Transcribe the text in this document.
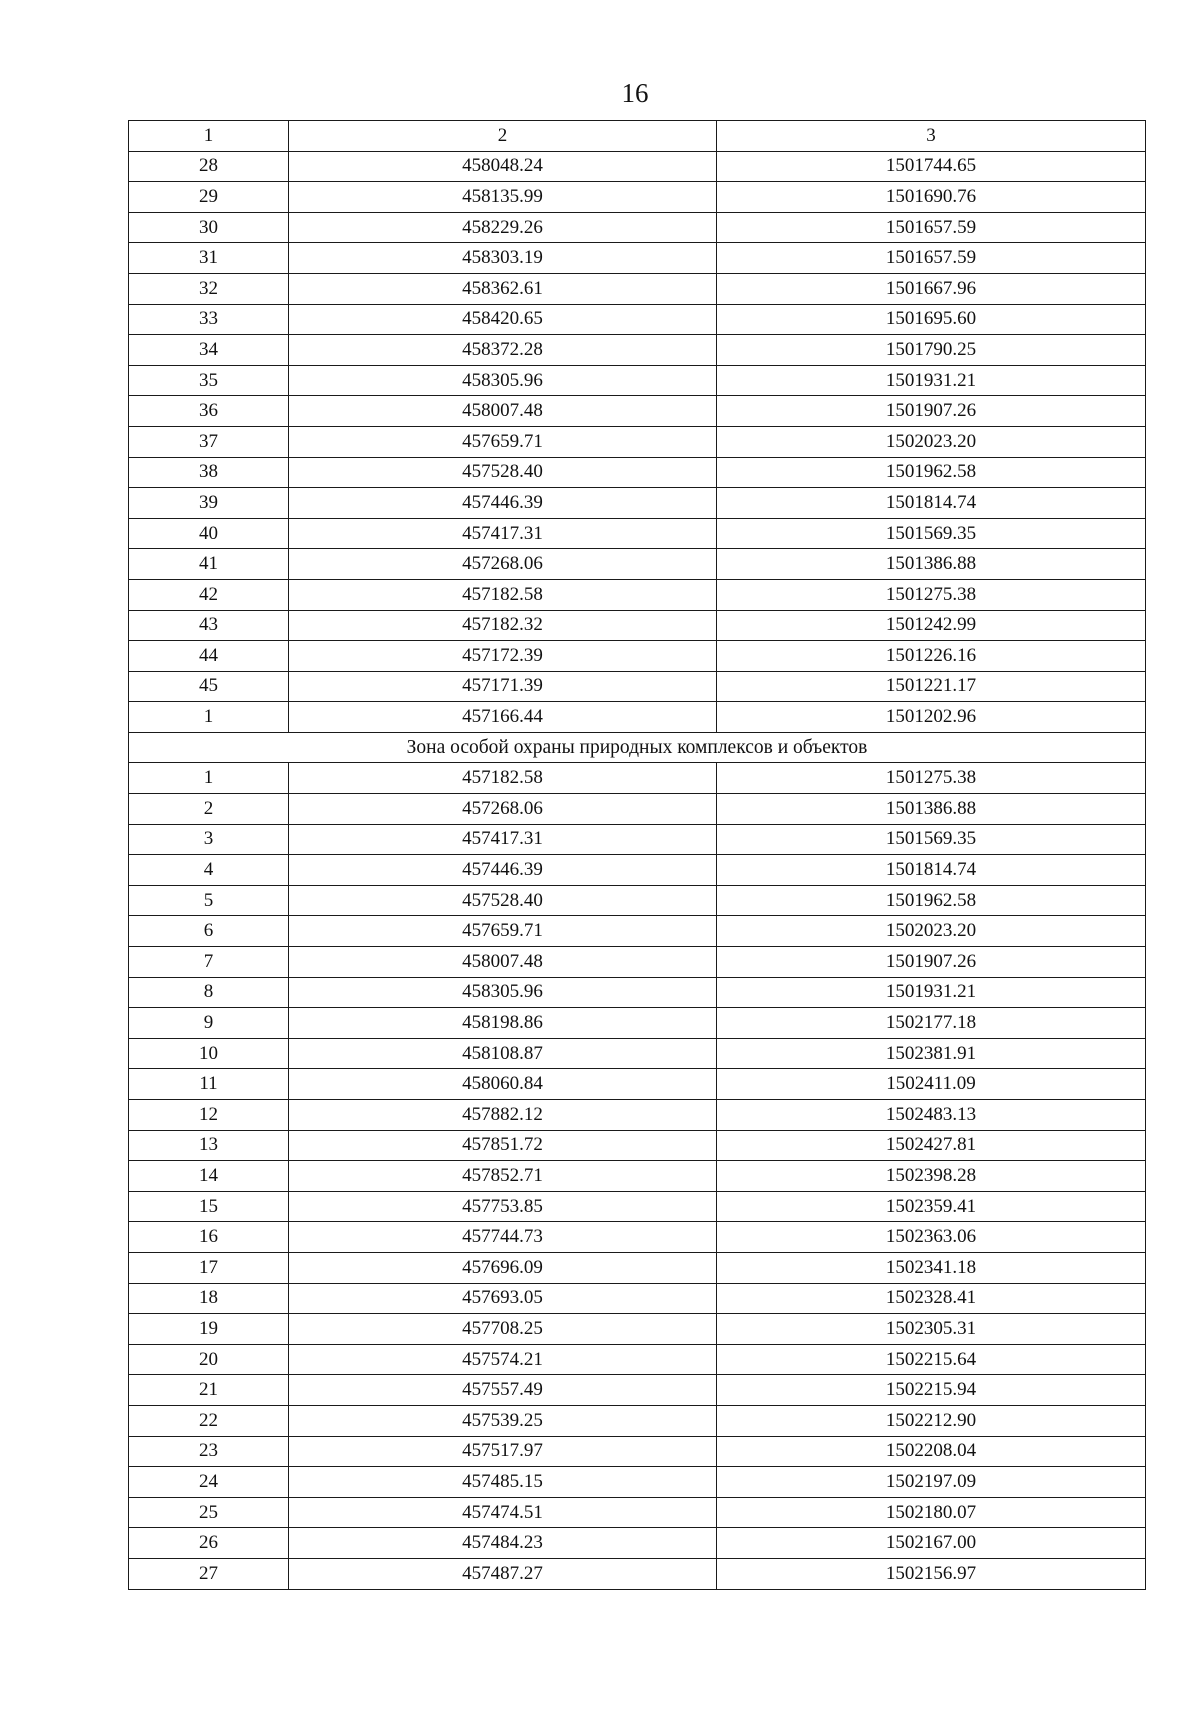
16
1	2	3
28	458048.24	1501744.65
29	458135.99	1501690.76
30	458229.26	1501657.59
31	458303.19	1501657.59
32	458362.61	1501667.96
33	458420.65	1501695.60
34	458372.28	1501790.25
35	458305.96	1501931.21
36	458007.48	1501907.26
37	457659.71	1502023.20
38	457528.40	1501962.58
39	457446.39	1501814.74
40	457417.31	1501569.35
41	457268.06	1501386.88
42	457182.58	1501275.38
43	457182.32	1501242.99
44	457172.39	1501226.16
45	457171.39	1501221.17
1	457166.44	1501202.96
Зона особой охраны природных комплексов и объектов		
1	457182.58	1501275.38
2	457268.06	1501386.88
3	457417.31	1501569.35
4	457446.39	1501814.74
5	457528.40	1501962.58
6	457659.71	1502023.20
7	458007.48	1501907.26
8	458305.96	1501931.21
9	458198.86	1502177.18
10	458108.87	1502381.91
11	458060.84	1502411.09
12	457882.12	1502483.13
13	457851.72	1502427.81
14	457852.71	1502398.28
15	457753.85	1502359.41
16	457744.73	1502363.06
17	457696.09	1502341.18
18	457693.05	1502328.41
19	457708.25	1502305.31
20	457574.21	1502215.64
21	457557.49	1502215.94
22	457539.25	1502212.90
23	457517.97	1502208.04
24	457485.15	1502197.09
25	457474.51	1502180.07
26	457484.23	1502167.00
27	457487.27	1502156.97
